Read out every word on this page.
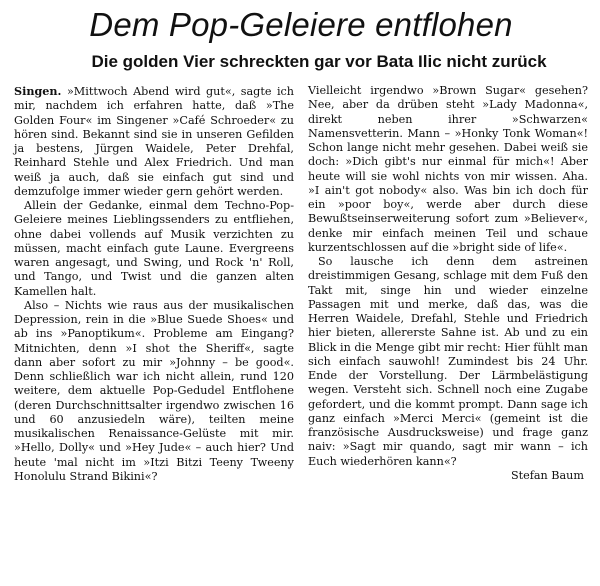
Dem Pop-Geleiere entflohen
Die golden Vier schreckten gar vor Bata Ilic nicht zurück

Singen. »Mittwoch Abend wird gut«, sagte ich mir, nachdem ich erfahren hatte, daß »The Golden Four« im Singener »Café Schroeder« zu hören sind. Bekannt sind sie in unseren Gefilden ja bestens, Jürgen Waidele, Peter Drehfal, Reinhard Stehle und Alex Friedrich. Und man weiß ja auch, daß sie einfach gut sind und demzufolge immer wieder gern gehört werden.

Allein der Gedanke, einmal dem Techno-Pop-Geleiere meines Lieblingssenders zu entfliehen, ohne dabei vollends auf Musik verzichten zu müssen, macht einfach gute Laune. Evergreens waren angesagt, und Swing, und Rock 'n' Roll, und Tango, und Twist und die ganzen alten Kamellen halt.

Also – Nichts wie raus aus der musikalischen Depression, rein in die »Blue Suede Shoes« und ab ins »Panoptikum«. Probleme am Eingang? Mitnichten, denn »I shot the Sheriff«, sagte dann aber sofort zu mir »Johnny – be good«. Denn schließlich war ich nicht allein, rund 120 weitere, dem aktuelle Pop-Gedudel Entflohene (deren Durchschnittsalter irgendwo zwischen 16 und 60 anzusiedeln wäre), teilten meine musikalischen Renaissance-Gelüste mit mir. »Hello, Dolly« und »Hey Jude« – auch hier? Und heute 'mal nicht im »Itzi Bitzi Teeny Tweeny Honolulu Strand Bikini«?

Vielleicht irgendwo »Brown Sugar« gesehen? Nee, aber da drüben steht »Lady Madonna«, direkt neben ihrer »Schwarzen« Namensvetterin. Mann – »Honky Tonk Woman«! Schon lange nicht mehr gesehen. Dabei weiß sie doch: »Dich gibt's nur einmal für mich«! Aber heute will sie wohl nichts von mir wissen. Aha. »I ain't got nobody« also. Was bin ich doch für ein »poor boy«, werde aber durch diese Bewußtseinserweiterung sofort zum »Believer«, denke mir einfach meinen Teil und schaue kurzentschlossen auf die »bright side of life«.

So lausche ich denn dem astreinen dreistimmigen Gesang, schlage mit dem Fuß den Takt mit, singe hin und wieder einzelne Passagen mit und merke, daß das, was die Herren Waidele, Drefahl, Stehle und Friedrich hier bieten, allererste Sahne ist. Ab und zu ein Blick in die Menge gibt mir recht: Hier fühlt man sich einfach sauwohl! Zumindest bis 24 Uhr. Ende der Vorstellung. Der Lärmbelästigung wegen. Versteht sich. Schnell noch eine Zugabe gefordert, und die kommt prompt. Dann sage ich ganz einfach »Merci Merci« (gemeint ist die französische Ausdrucksweise) und frage ganz naiv: »Sagt mir quando, sagt mir wann – ich Euch wiederhören kann«?

Stefan Baum
